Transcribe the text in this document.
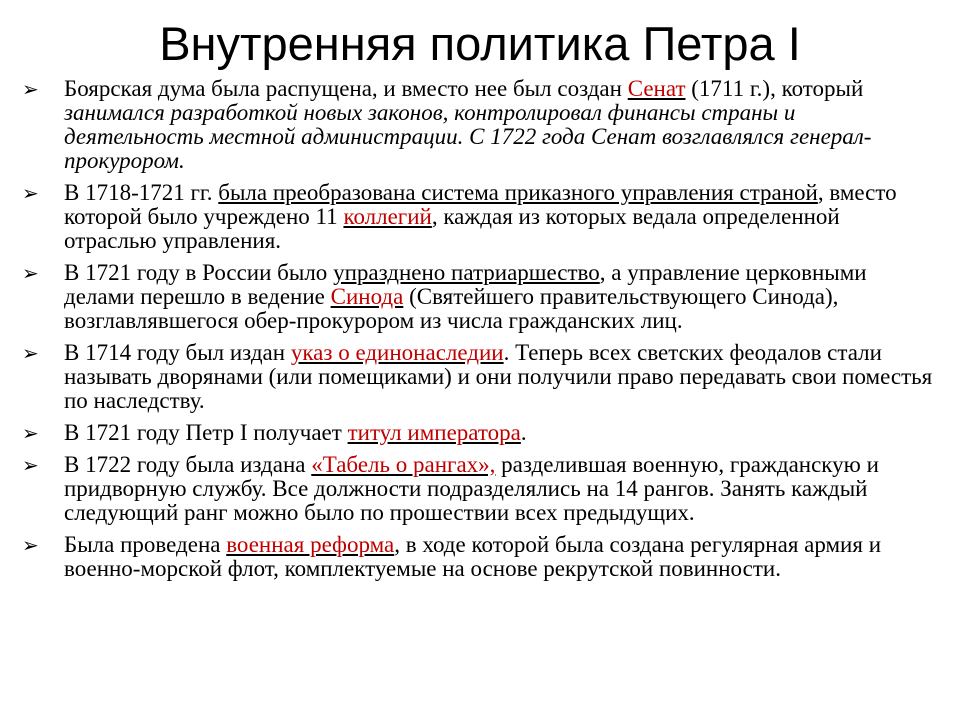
Внутренняя политика Петра I
➢ Боярская дума была распущена, и вместо нее был создан Сенат (1711 г.), который занимался разработкой новых законов, контролировал финансы страны и деятельность местной администрации. С 1722 года Сенат возглавлялся генерал-прокурором.
➢ В 1718-1721 гг. была преобразована система приказного управления страной, вместо которой было учреждено 11 коллегий, каждая из которых ведала определенной отраслью управления.
➢ В 1721 году в России было упразднено патриаршество, а управление церковными делами перешло в ведение Синода (Святейшего правительствующего Синода), возглавлявшегося обер-прокурором из числа гражданских лиц.
➢ В 1714 году был издан указ о единонаследии. Теперь всех светских феодалов стали называть дворянами (или помещиками) и они получили право передавать свои поместья по наследству.
➢ В 1721 году Петр I получает титул императора.
➢ В 1722 году была издана «Табель о рангах», разделившая военную, гражданскую и придворную службу. Все должности подразделялись на 14 рангов. Занять каждый следующий ранг можно было по прошествии всех предыдущих.
➢ Была проведена военная реформа, в ходе которой была создана регулярная армия и военно-морской флот, комплектуемые на основе рекрутской повинности.
